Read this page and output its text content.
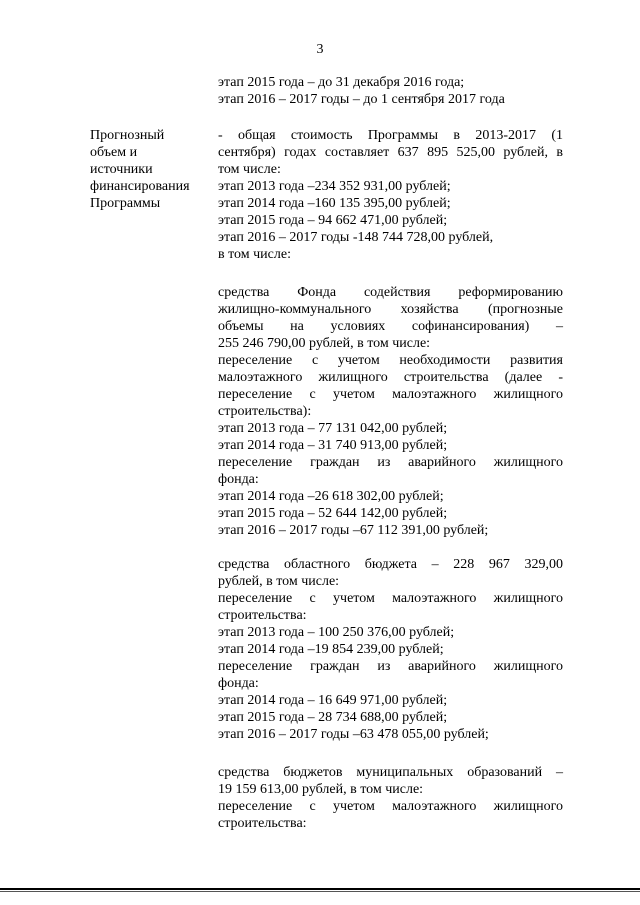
3
этап 2015 года – до 31 декабря 2016 года;
этап 2016 – 2017 годы – до 1 сентября 2017 года
Прогнозный
объем и
источники
финансирования
Программы
- общая стоимость Программы в 2013-2017 (1
сентября) годах составляет 637 895 525,00 рублей, в
том числе:
этап 2013 года –234 352 931,00 рублей;
этап 2014 года –160 135 395,00 рублей;
этап 2015 года – 94 662 471,00 рублей;
этап 2016 – 2017 годы -148 744 728,00 рублей,
в том числе:
средства Фонда содействия реформированию
жилищно-коммунального хозяйства (прогнозные
объемы на условиях софинансирования) –
255 246 790,00 рублей, в том числе:
переселение с учетом необходимости развития
малоэтажного жилищного строительства (далее -
переселение с учетом малоэтажного жилищного
строительства):
этап 2013 года – 77 131 042,00 рублей;
этап 2014 года – 31 740 913,00 рублей;
переселение граждан из аварийного жилищного
фонда:
этап 2014 года –26 618 302,00 рублей;
этап 2015 года – 52 644 142,00 рублей;
этап 2016 – 2017 годы –67 112 391,00 рублей;
средства областного бюджета – 228 967 329,00
рублей, в том числе:
переселение с учетом малоэтажного жилищного
строительства:
этап 2013 года – 100 250 376,00 рублей;
этап 2014 года –19 854 239,00 рублей;
переселение граждан из аварийного жилищного
фонда:
этап 2014 года – 16 649 971,00 рублей;
этап 2015 года – 28 734 688,00 рублей;
этап 2016 – 2017 годы –63 478 055,00 рублей;
средства бюджетов муниципальных образований –
19 159 613,00 рублей, в том числе:
переселение с учетом малоэтажного жилищного
строительства:
